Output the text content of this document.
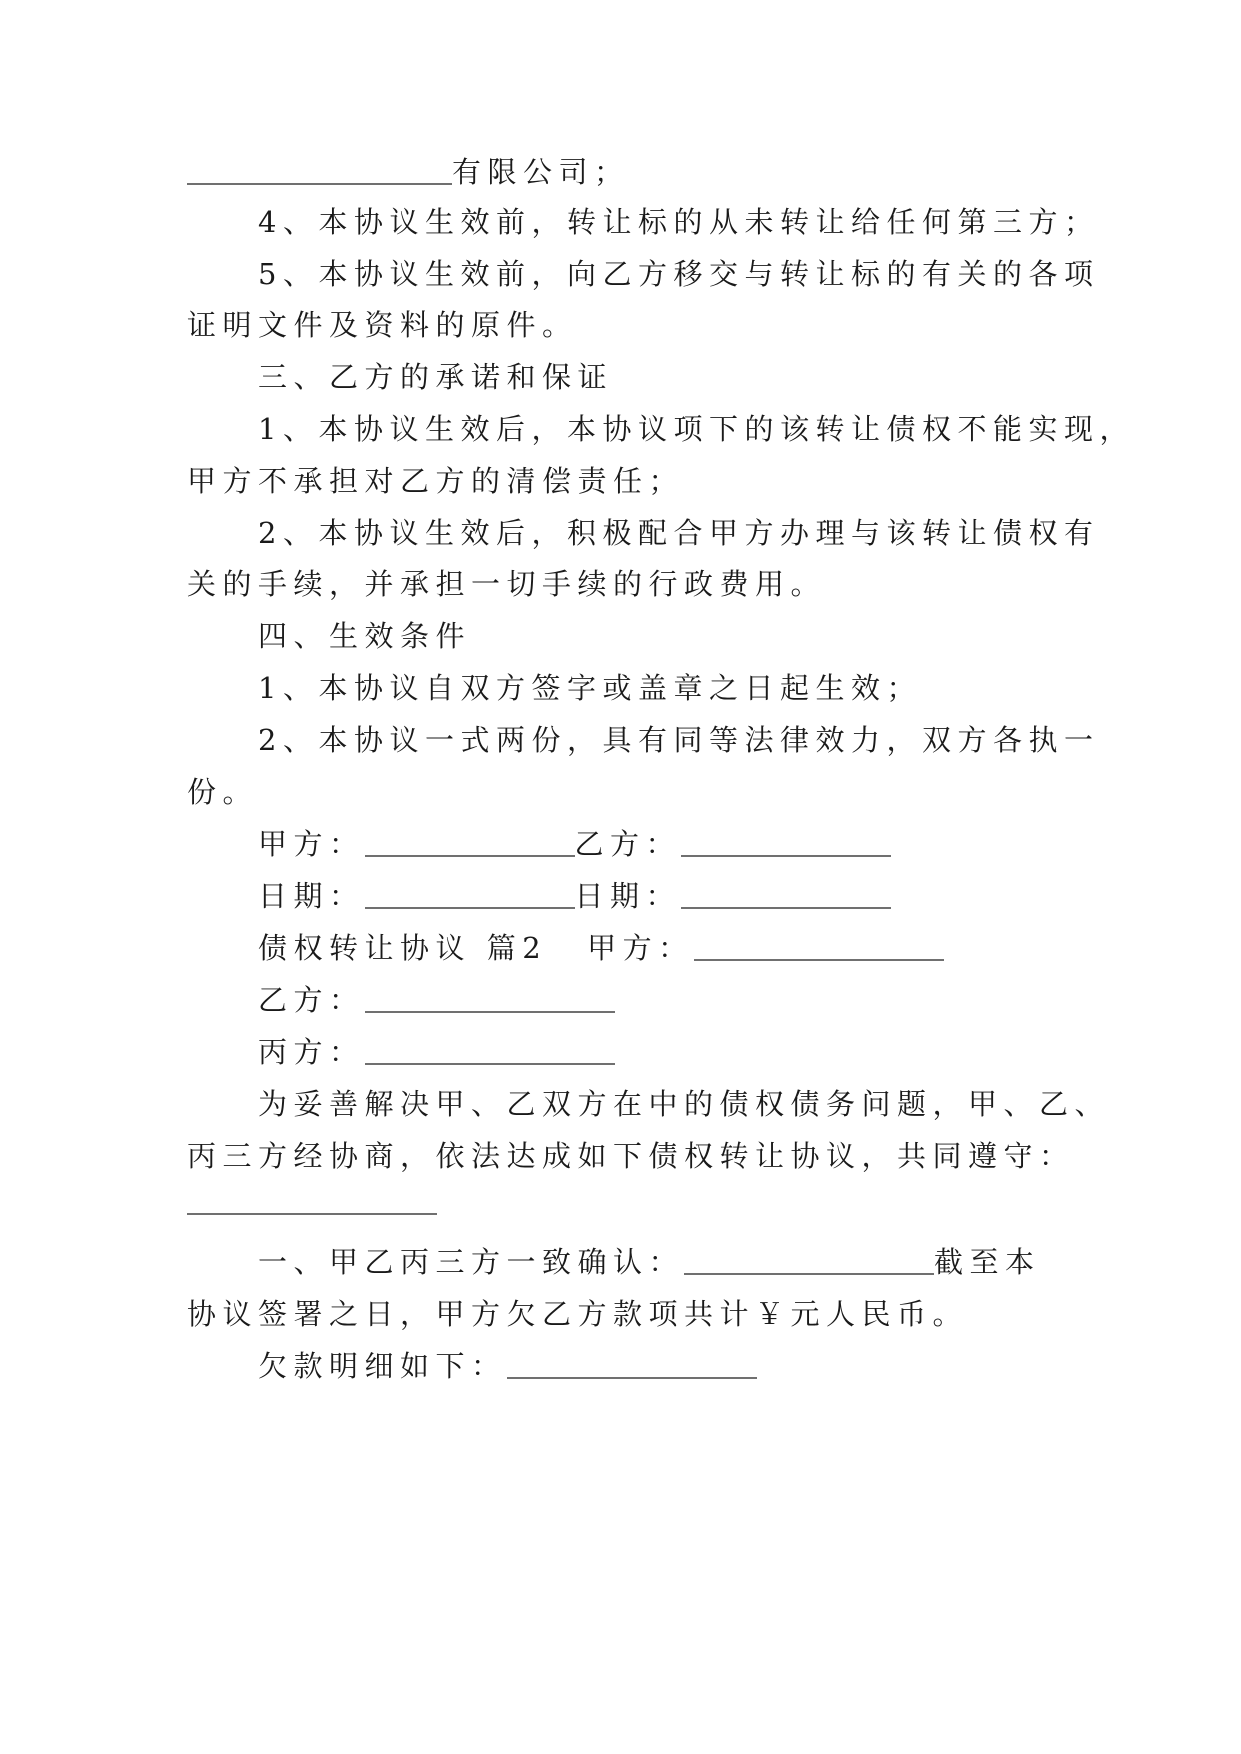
有限公司；
4、本协议生效前，转让标的从未转让给任何第三方；
5、本协议生效前，向乙方移交与转让标的有关的各项
证明文件及资料的原件。
三、乙方的承诺和保证
1、本协议生效后，本协议项下的该转让债权不能实现，
甲方不承担对乙方的清偿责任；
2、本协议生效后，积极配合甲方办理与该转让债权有
关的手续，并承担一切手续的行政费用。
四、生效条件
1、本协议自双方签字或盖章之日起生效；
2、本协议一式两份，具有同等法律效力，双方各执一
份。
甲方：	乙方：
日期：	日期：
债权转让协议 篇2 甲方：
乙方：
丙方：
为妥善解决甲、乙双方在中的债权债务问题，甲、乙、
丙三方经协商，依法达成如下债权转让协议，共同遵守：
一、甲乙丙三方一致确认：	截至本
协议签署之日，甲方欠乙方款项共计￥元人民币。
欠款明细如下：
